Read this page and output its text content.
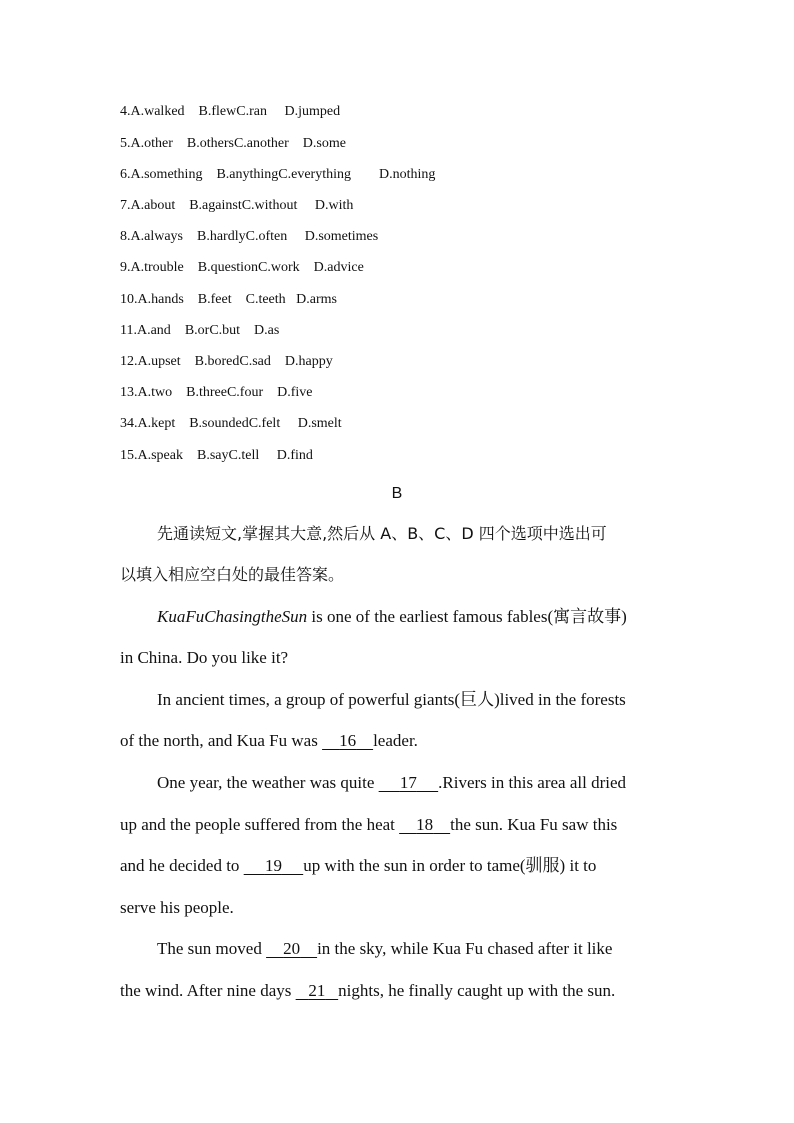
4.A.walked B.flewC.ran D.jumped
5.A.other B.othersC.another D.some
6.A.something B.anythingC.everything D.nothing
7.A.about B.againstC.without D.with
8.A.always B.hardlyC.often D.sometimes
9.A.trouble B.questionC.work D.advice
10.A.hands B.feet C.teeth D.arms
11.A.and B.orC.but D.as
12.A.upset B.boredC.sad D.happy
13.A.two B.threeC.four D.five
34.A.kept B.soundedC.felt D.smelt
15.A.speak B.sayC.tell D.find
B
先通读短文,掌握其大意,然后从 A、B、C、D 四个选项中选出可
以填入相应空白处的最佳答案。
KuaFuChasingtheSun is one of the earliest famous fables(寓言故事)
in China. Do you like it?
In ancient times, a group of powerful giants(巨人)lived in the forests
of the north, and Kua Fu was     16 leader.
One year, the weather was quite      17 .Rivers in this area all dried
up and the people suffered from the heat     18 the sun. Kua Fu saw this
and he decided to      19 up with the sun in order to tame(驯服) it to
serve his people.
The sun moved     20 in the sky, while Kua Fu chased after it like
the wind. After nine days    21 nights, he finally caught up with the sun.
